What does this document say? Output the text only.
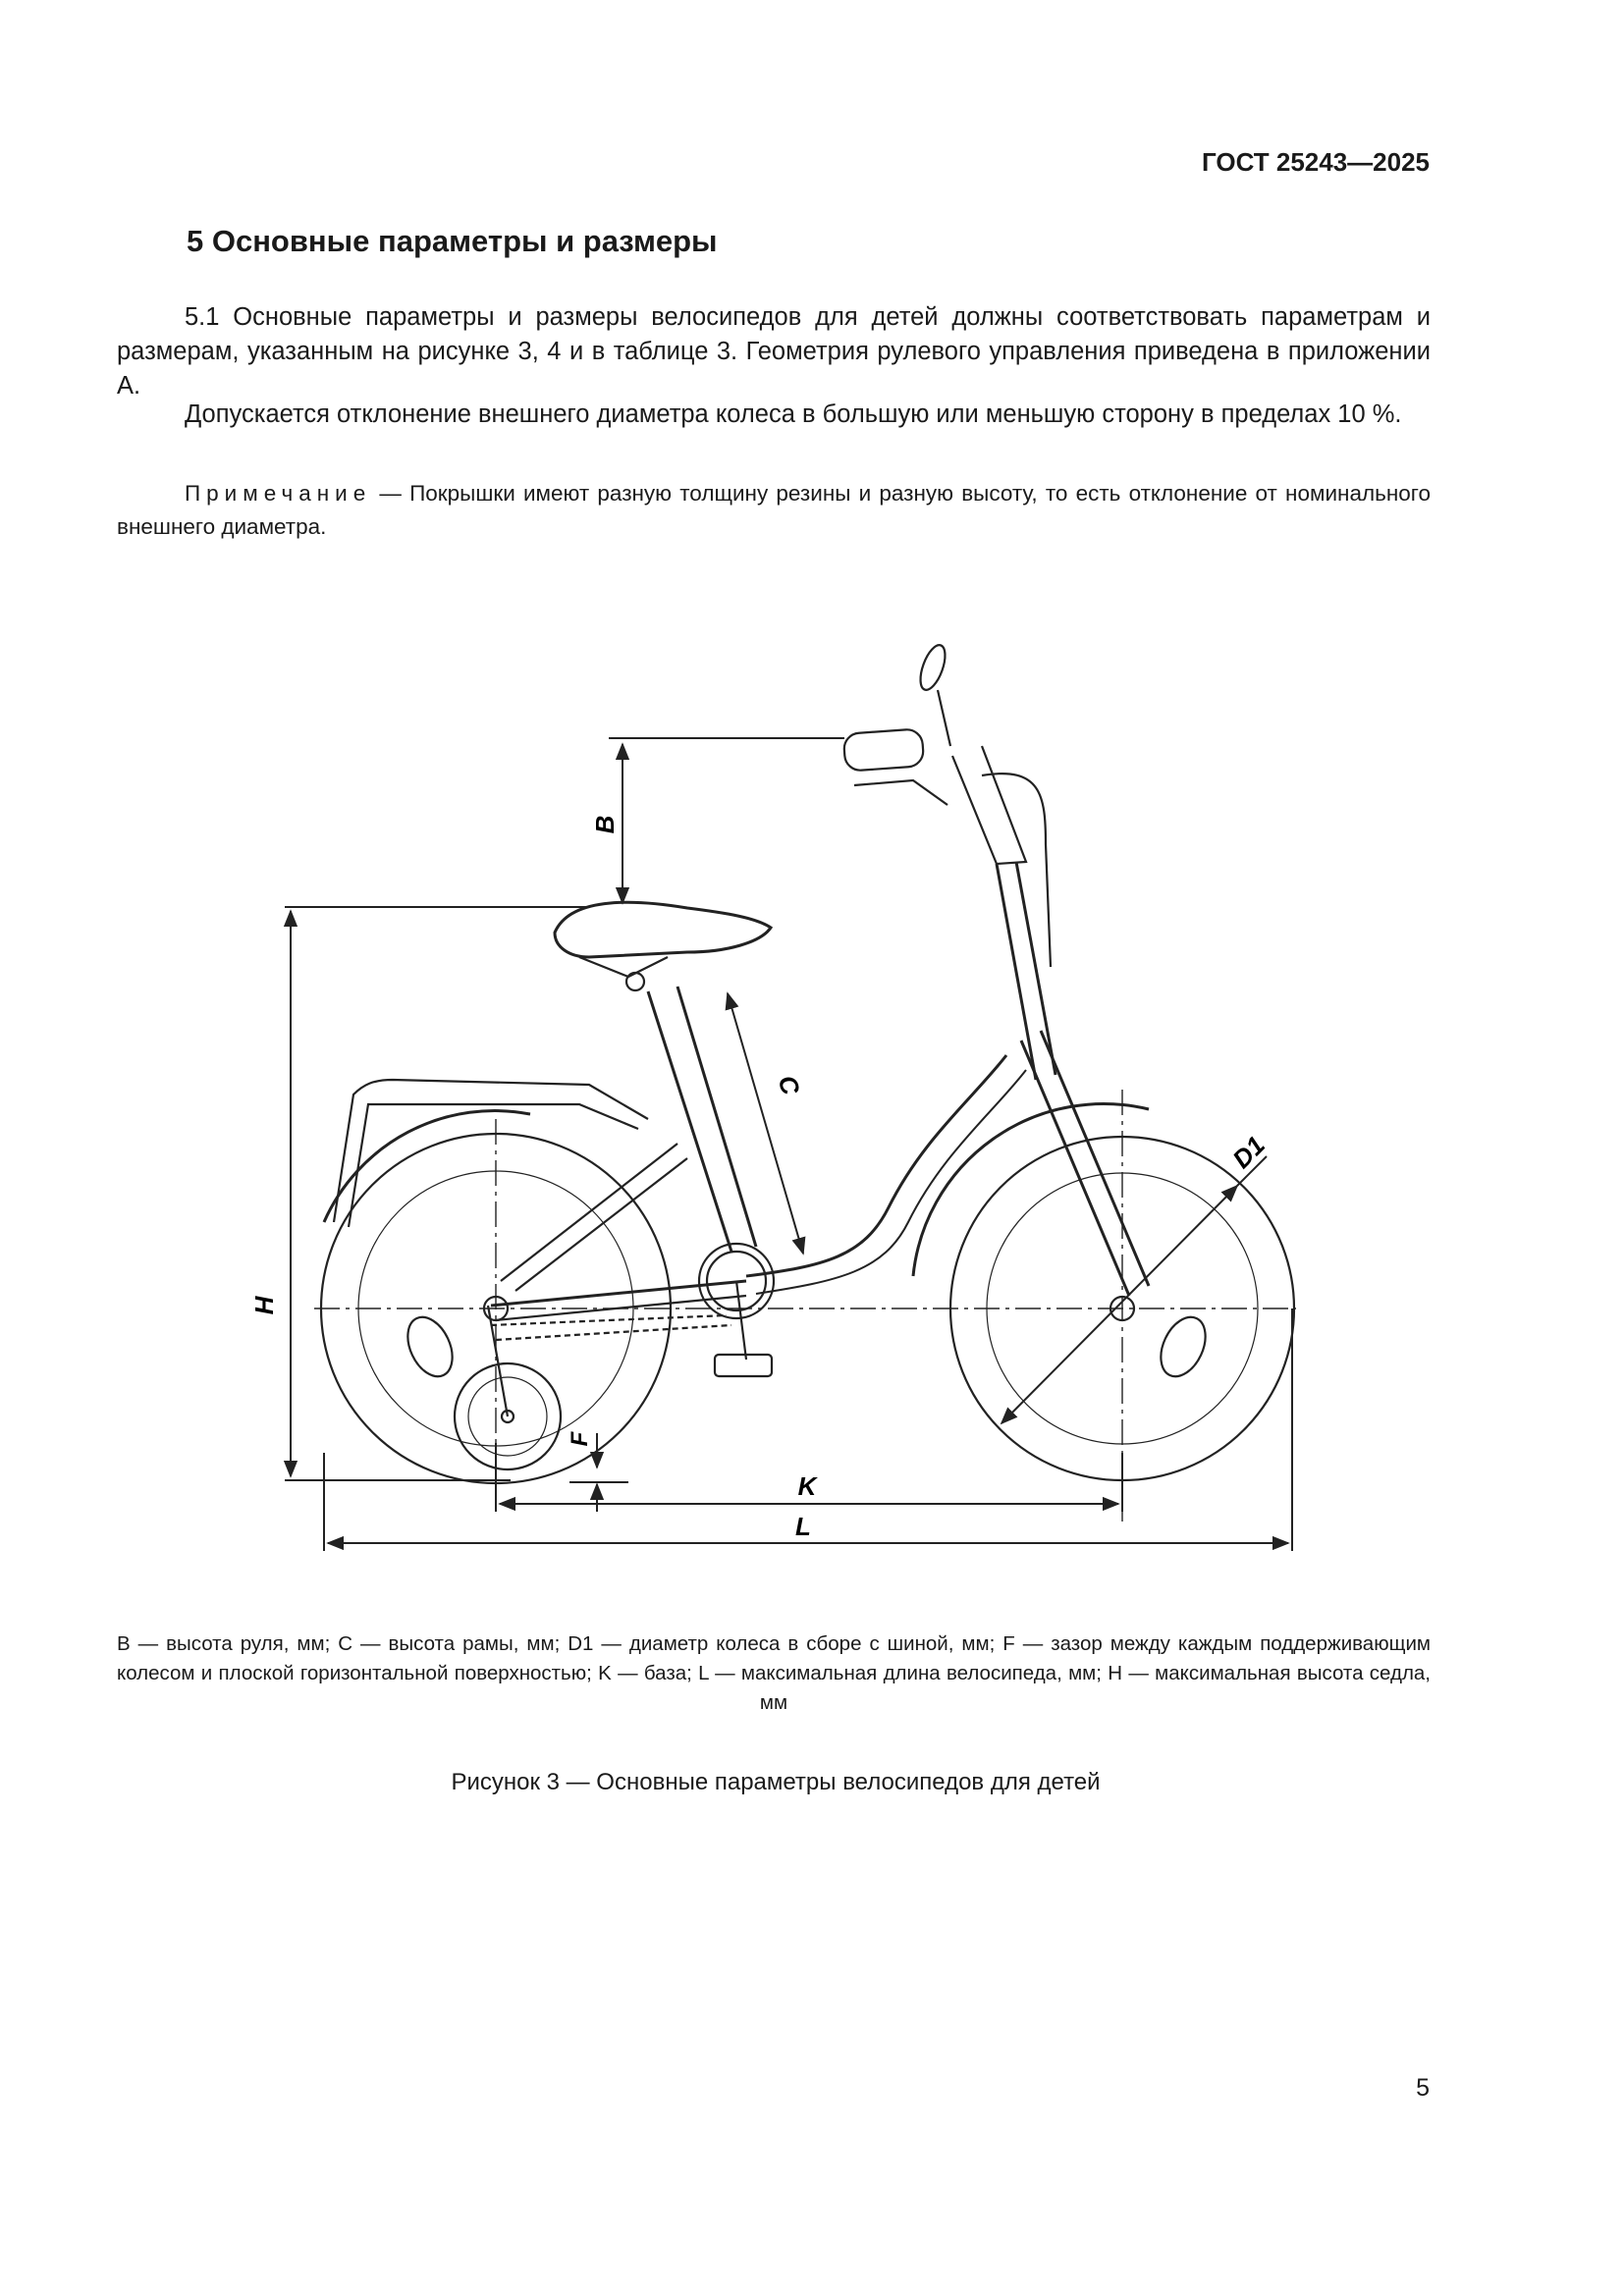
ГОСТ 25243—2025
5 Основные параметры и размеры

5.1 Основные параметры и размеры велосипедов для детей должны соответствовать параметрам и размерам, указанным на рисунке 3, 4 и в таблице 3. Геометрия рулевого управления приведена в приложении А.

Допускается отклонение внешнего диаметра колеса в большую или меньшую сторону в пределах 10 %.

Примечание — Покрышки имеют разную толщину резины и разную высоту, то есть отклонение от номинального внешнего диаметра.

B
C
D1
H
F
K
L

B — высота руля, мм; C — высота рамы, мм; D1 — диаметр колеса в сборе с шиной, мм; F — зазор между каждым поддерживающим колесом и плоской горизонтальной поверхностью; K — база; L — максимальная длина велосипеда, мм; H — максимальная высота седла, мм

Рисунок 3 — Основные параметры велосипедов для детей

5
